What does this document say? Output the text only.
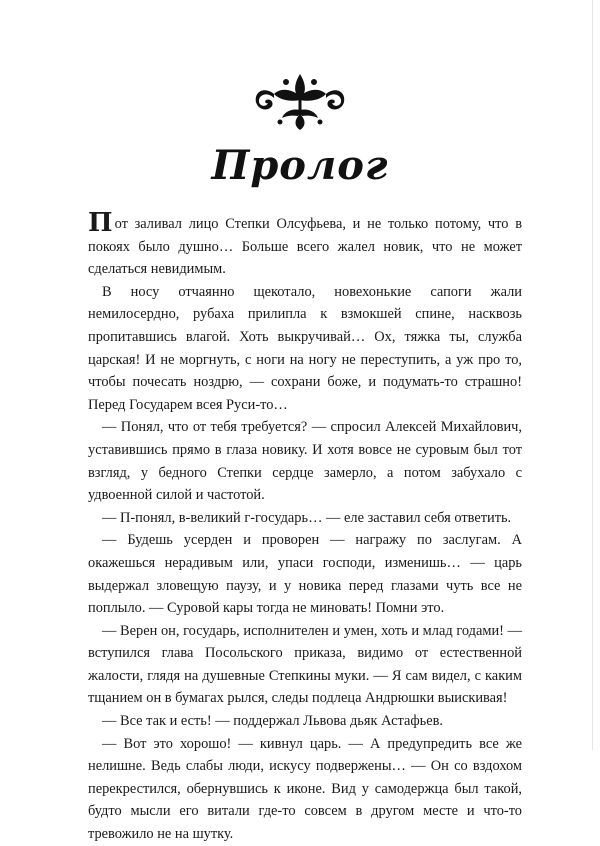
Пролог

Пот заливал лицо Степки Олсуфьева, и не только потому, что в покоях было душно… Больше всего жалел новик, что не может сделаться невидимым.

В носу отчаянно щекотало, новехонькие сапоги жали немилосердно, рубаха прилипла к взмокшей спине, насквозь пропитавшись влагой. Хоть выкручивай… Ох, тяжка ты, служба царская! И не моргнуть, с ноги на ногу не переступить, а уж про то, чтобы почесать ноздрю, — сохрани боже, и подумать-то страшно! Перед Государем всея Руси-то…

— Понял, что от тебя требуется? — спросил Алексей Михайлович, уставившись прямо в глаза новику. И хотя вовсе не суровым был тот взгляд, у бедного Степки сердце замерло, а потом забухало с удвоенной силой и частотой.

— П-понял, в-великий г-государь… — еле заставил себя ответить.

— Будешь усерден и проворен — награжу по заслугам. А окажешься нерадивым или, упаси господи, изменишь… — царь выдержал зловещую паузу, и у новика перед глазами чуть все не поплыло. — Суровой кары тогда не миновать! Помни это.

— Верен он, государь, исполнителен и умен, хоть и млад годами! — вступился глава Посольского приказа, видимо от естественной жалости, глядя на душевные Степкины муки. — Я сам видел, с каким тщанием он в бумагах рылся, следы подлеца Андрюшки выискивая!

— Все так и есть! — поддержал Львова дьяк Астафьев.

— Вот это хорошо! — кивнул царь. — А предупредить все же нелишне. Ведь слабы люди, искусу подвержены… — Он со вздохом перекрестился, обернувшись к иконе. Вид у самодержца был такой, будто мысли его витали где-то совсем в другом месте и что-то тревожило не на шутку.
